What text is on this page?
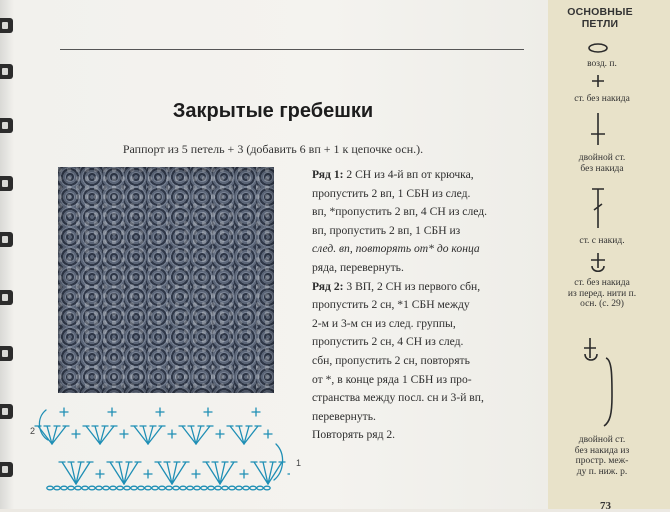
Закрытые гребешки
Раппорт из 5 петель + 3 (добавить 6 вп + 1 к цепочке осн.).
Ряд 1: 2 СН из 4-й вп от крючка,
пропустить 2 вп, 1 СБН из след.
вп, *пропустить 2 вп, 4 СН из след.
вп, пропустить 2 вп, 1 СБН из
след. вп, повторять от* до конца
ряда, перевернуть.
Ряд 2: 3 ВП, 2 СН из первого сбн,
пропустить 2 сн, *1 СБН между
2-м и 3-м сн из след. группы,
пропустить 2 сн, 4 СН из след.
сбн, пропустить 2 сн, повторять
от *, в конце ряда 1 СБН из про-
странства между посл. сн и 3-й вп,
перевернуть.
Повторять ряд 2.
2
1
ОСНОВНЫЕ
ПЕТЛИ
возд. п.
ст. без накида
двойной ст.
без накида
ст. с накид.
ст. без накида
из перед. нити п.
осн. (с. 29)
двойной ст.
без накида из
простр. меж-
ду п. ниж. р.
73
